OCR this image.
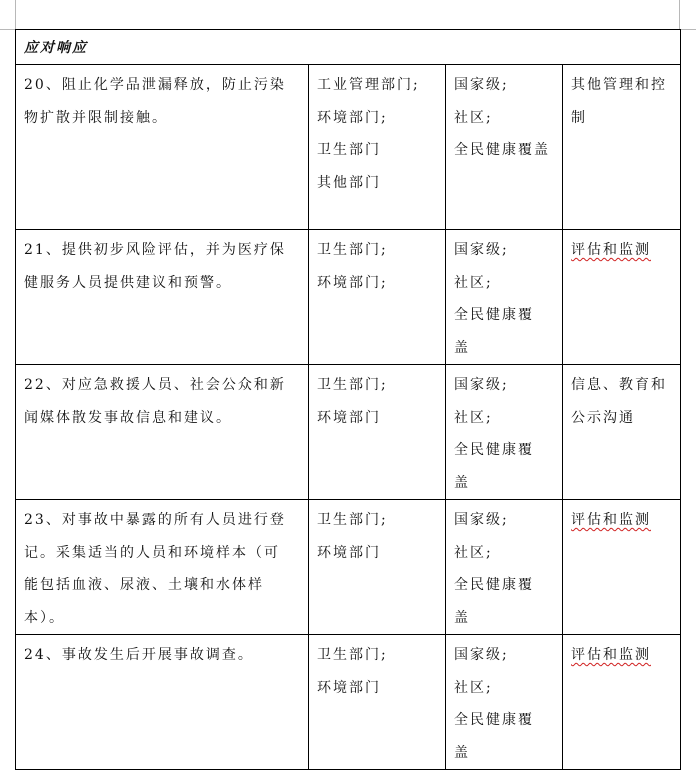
应对响应			

20、阻止化学品泄漏释放，防止污染
物扩散并限制接触。	工业管理部门;
环境部门;
卫生部门
其他部门	国家级;
社区;
全民健康覆盖	其他管理和控
制

21、提供初步风险评估，并为医疗保
健服务人员提供建议和预警。	卫生部门;
环境部门;	国家级;
社区;
全民健康覆
盖	评估和监测

22、对应急救援人员、社会公众和新
闻媒体散发事故信息和建议。	卫生部门;
环境部门	国家级;
社区;
全民健康覆
盖	信息、教育和
公示沟通

23、对事故中暴露的所有人员进行登
记。采集适当的人员和环境样本（可
能包括血液、尿液、土壤和水体样
本）。	卫生部门;
环境部门	国家级;
社区;
全民健康覆
盖	评估和监测

24、事故发生后开展事故调查。	卫生部门;
环境部门	国家级;
社区;
全民健康覆
盖	评估和监测
